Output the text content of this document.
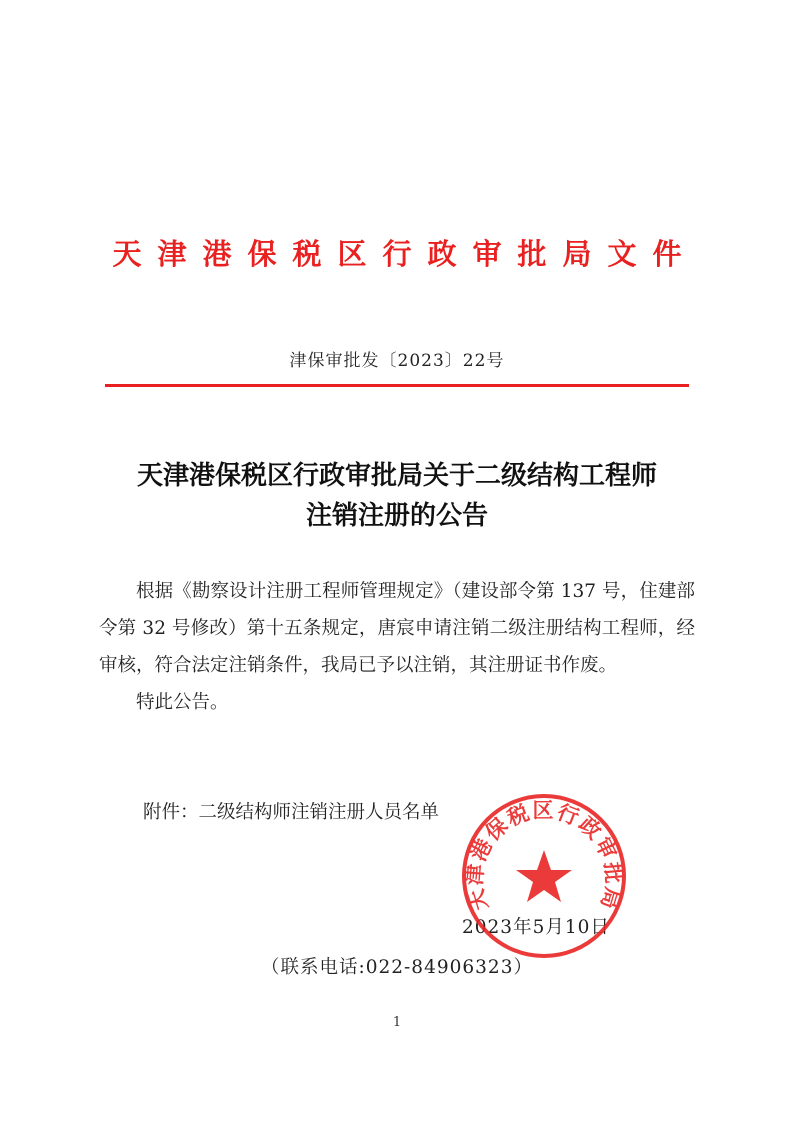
天津港保税区行政审批局文件
津保审批发〔2023〕22号
天津港保税区行政审批局关于二级结构工程师
注销注册的公告

根据《勘察设计注册工程师管理规定》（建设部令第 137 号，住建部令第 32 号修改）第十五条规定，唐宸申请注销二级注册结构工程师，经审核，符合法定注销条件，我局已予以注销，其注册证书作废。

特此公告。

附件：二级结构师注销注册人员名单
2023年5月10日
天津港保税区行政审批局
（联系电话:022-84906323）
1
